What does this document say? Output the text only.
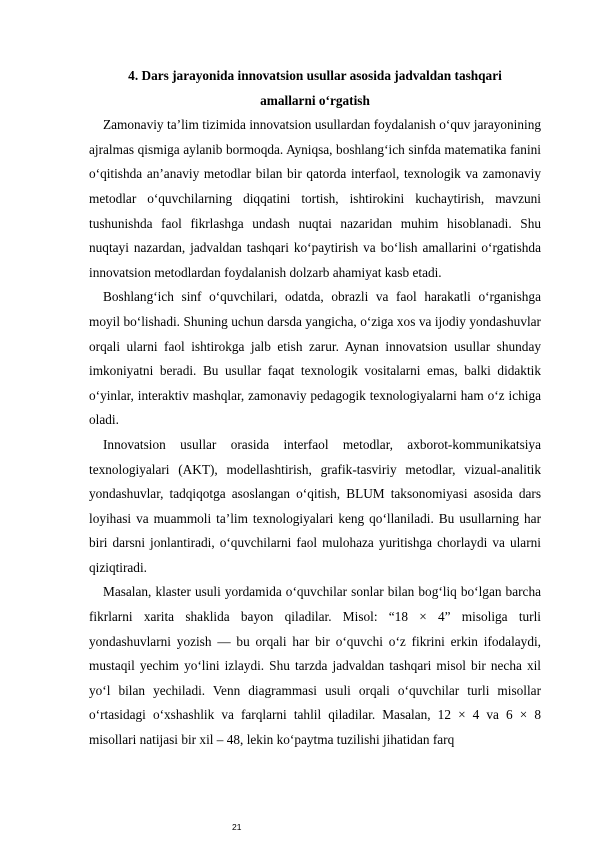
4. Dars jarayonida innovatsion usullar asosida jadvaldan tashqari
amallarni o‘rgatish

Zamonaviy ta’lim tizimida innovatsion usullardan foydalanish o‘quv jarayonining ajralmas qismiga aylanib bormoqda. Ayniqsa, boshlang‘ich sinfda matematika fanini o‘qitishda an’anaviy metodlar bilan bir qatorda interfaol, texnologik va zamonaviy metodlar o‘quvchilarning diqqatini tortish, ishtirokini kuchaytirish, mavzuni tushunishda faol fikrlashga undash nuqtai nazaridan muhim hisoblanadi. Shu nuqtayi nazardan, jadvaldan tashqari ko‘paytirish va bo‘lish amallarini o‘rgatishda innovatsion metodlardan foydalanish dolzarb ahamiyat kasb etadi.

Boshlang‘ich sinf o‘quvchilari, odatda, obrazli va faol harakatli o‘rganishga moyil bo‘lishadi. Shuning uchun darsda yangicha, o‘ziga xos va ijodiy yondashuvlar orqali ularni faol ishtirokga jalb etish zarur. Aynan innovatsion usullar shunday imkoniyatni beradi. Bu usullar faqat texnologik vositalarni emas, balki didaktik o‘yinlar, interaktiv mashqlar, zamonaviy pedagogik texnologiyalarni ham o‘z ichiga oladi.

Innovatsion usullar orasida interfaol metodlar, axborot-kommunikatsiya texnologiyalari (AKT), modellashtirish, grafik-tasviriy metodlar, vizual-analitik yondashuvlar, tadqiqotga asoslangan o‘qitish, BLUM taksonomiyasi asosida dars loyihasi va muammoli ta’lim texnologiyalari keng qo‘llaniladi. Bu usullarning har biri darsni jonlantiradi, o‘quvchilarni faol mulohaza yuritishga chorlaydi va ularni qiziqtiradi.

Masalan, klaster usuli yordamida o‘quvchilar sonlar bilan bog‘liq bo‘lgan barcha fikrlarni xarita shaklida bayon qiladilar. Misol: “18 × 4” misoliga turli yondashuvlarni yozish — bu orqali har bir o‘quvchi o‘z fikrini erkin ifodalaydi, mustaqil yechim yo‘lini izlaydi. Shu tarzda jadvaldan tashqari misol bir necha xil yo‘l bilan yechiladi. Venn diagrammasi usuli orqali o‘quvchilar turli misollar o‘rtasidagi o‘xshashlik va farqlarni tahlil qiladilar. Masalan, 12 × 4 va 6 × 8 misollari natijasi bir xil – 48, lekin ko‘paytma tuzilishi jihatidan farq

21
